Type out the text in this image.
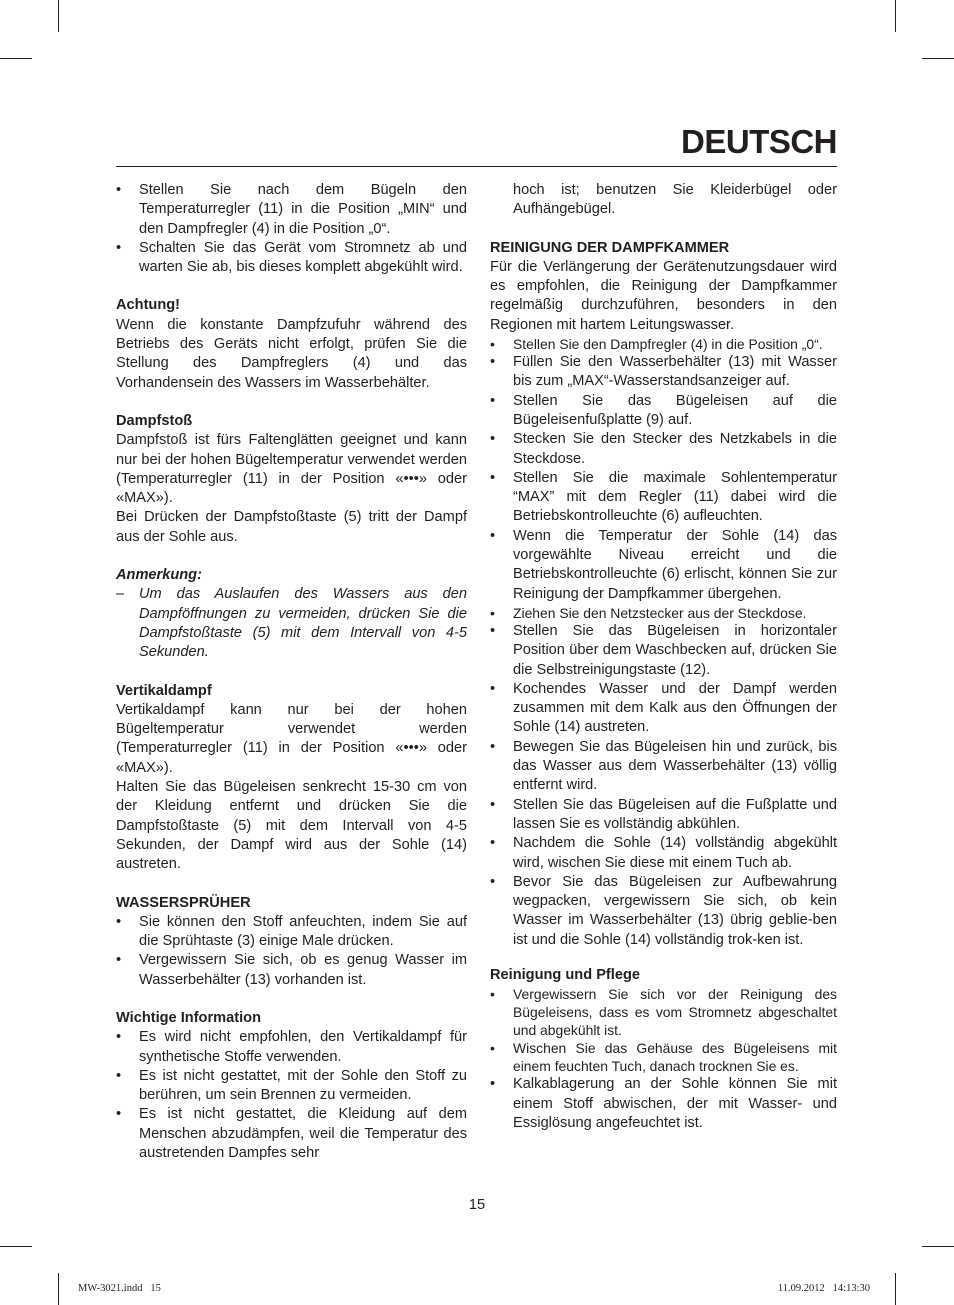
DEUTSCH
• Stellen Sie nach dem Bügeln den Temperaturregler (11) in die Position „MIN“ und den Dampfregler (4) in die Position „0“.
• Schalten Sie das Gerät vom Stromnetz ab und warten Sie ab, bis dieses komplett abgekühlt wird.
Achtung!

Wenn die konstante Dampfzufuhr während des Betriebs des Geräts nicht erfolgt, prüfen Sie die Stellung des Dampfreglers (4) und das Vorhandensein des Wassers im Wasserbehälter.

Dampfstoß

Dampfstoß ist fürs Faltenglätten geeignet und kann nur bei der hohen Bügeltemperatur verwendet werden (Temperaturregler (11) in der Position «•••» oder «MAX»).

Bei Drücken der Dampfstoßtaste (5) tritt der Dampf aus der Sohle aus.

Anmerkung:
– Um das Auslaufen des Wassers aus den Dampföffnungen zu vermeiden, drücken Sie die Dampfstoßtaste (5) mit dem Intervall von 4-5 Sekunden.
Vertikaldampf

Vertikaldampf kann nur bei der hohen Bügeltemperatur verwendet werden (Temperaturregler (11) in der Position «•••» oder «MAX»).

Halten Sie das Bügeleisen senkrecht 15-30 cm von der Kleidung entfernt und drücken Sie die Dampfstoßtaste (5) mit dem Intervall von 4-5 Sekunden, der Dampf wird aus der Sohle (14) austreten.

WASSERSPRÜHER
• Sie können den Stoff anfeuchten, indem Sie auf die Sprühtaste (3) einige Male drücken.
• Vergewissern Sie sich, ob es genug Wasser im Wasserbehälter (13) vorhanden ist.
Wichtige Information
• Es wird nicht empfohlen, den Vertikaldampf für synthetische Stoffe verwenden.
• Es ist nicht gestattet, mit der Sohle den Stoff zu berühren, um sein Brennen zu vermeiden.
• Es ist nicht gestattet, die Kleidung auf dem Menschen abzudämpfen, weil die Temperatur des austretenden Dampfes sehr

hoch ist; benutzen Sie Kleiderbügel oder Aufhängebügel.

REINIGUNG DER DAMPFKAMMER

Für die Verlängerung der Gerätenutzungsdauer wird es empfohlen, die Reinigung der Dampfkammer regelmäßig durchzuführen, besonders in den Regionen mit hartem Leitungswasser.

• Stellen Sie den Dampfregler (4) in die Position „0“.
• Füllen Sie den Wasserbehälter (13) mit Wasser bis zum „MAX“-Wasserstandsanzeiger auf.
• Stellen Sie das Bügeleisen auf die Bügeleisenfußplatte (9) auf.
• Stecken Sie den Stecker des Netzkabels in die Steckdose.
• Stellen Sie die maximale Sohlentemperatur “MAX” mit dem Regler (11) dabei wird die Betriebskontrolleuchte (6) aufleuchten.
• Wenn die Temperatur der Sohle (14) das vorgewählte Niveau erreicht und die Betriebskontrolleuchte (6) erlischt, können Sie zur Reinigung der Dampfkammer übergehen.
• Ziehen Sie den Netzstecker aus der Steckdose.
• Stellen Sie das Bügeleisen in horizontaler Position über dem Waschbecken auf, drücken Sie die Selbstreinigungstaste (12).
• Kochendes Wasser und der Dampf werden zusammen mit dem Kalk aus den Öffnungen der Sohle (14) austreten.
• Bewegen Sie das Bügeleisen hin und zurück, bis das Wasser aus dem Wasserbehälter (13) völlig entfernt wird.
• Stellen Sie das Bügeleisen auf die Fußplatte und lassen Sie es vollständig abkühlen.
• Nachdem die Sohle (14) vollständig abgekühlt wird, wischen Sie diese mit einem Tuch ab.
• Bevor Sie das Bügeleisen zur Aufbewahrung wegpacken, vergewissern Sie sich, ob kein Wasser im Wasserbehälter (13) übrig geblie-ben ist und die Sohle (14) vollständig trok-ken ist.
Reinigung und Pflege
• Vergewissern Sie sich vor der Reinigung des Bügeleisens, dass es vom Stromnetz abgeschaltet und abgekühlt ist.
• Wischen Sie das Gehäuse des Bügeleisens mit einem feuchten Tuch, danach trocknen Sie es.
• Kalkablagerung an der Sohle können Sie mit einem Stoff abwischen, der mit Wasser- und Essiglösung angefeuchtet ist.
15
MW-3021.indd   15	11.09.2012   14:13:30
